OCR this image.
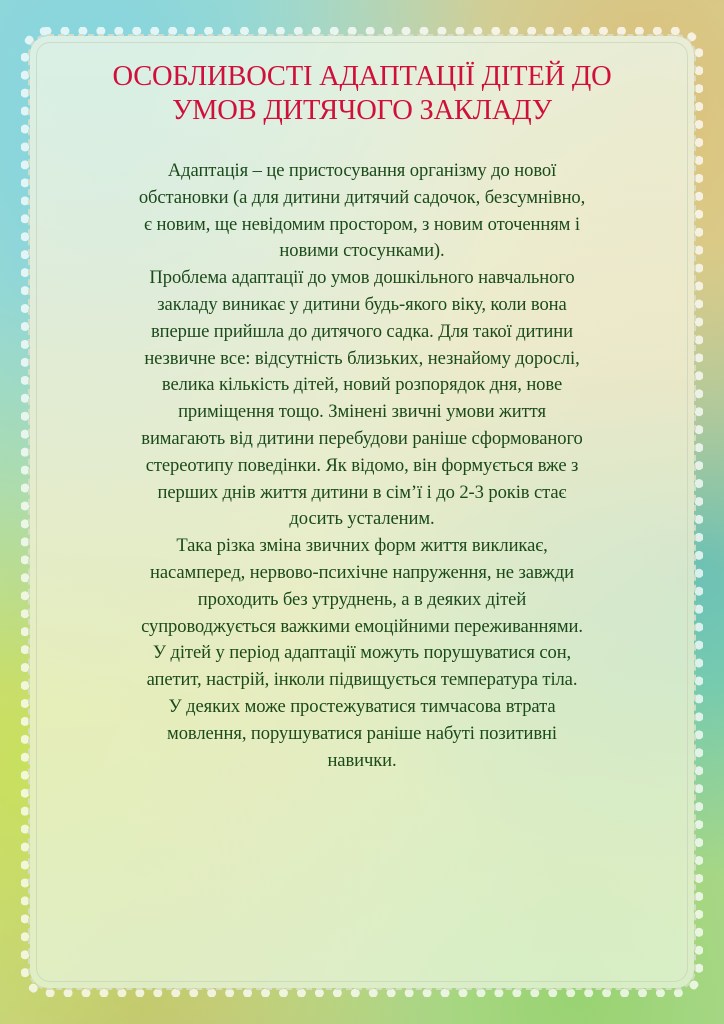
ОСОБЛИВОСТІ АДАПТАЦІЇ ДІТЕЙ ДО
УМОВ ДИТЯЧОГО ЗАКЛАДУ

Адаптація – це пристосування організму до нової
обстановки (а для дитини дитячий садочок, безсумнівно,
є новим, ще невідомим простором, з новим оточенням і
новими стосунками).

Проблема адаптації до умов дошкільного навчального
закладу виникає у дитини будь-якого віку, коли вона
вперше прийшла до дитячого садка. Для такої дитини
незвичне все: відсутність близьких, незнайому дорослі,
велика кількість дітей, новий розпорядок дня, нове
приміщення тощо. Змінені звичні умови життя
вимагають від дитини перебудови раніше сформованого
стереотипу поведінки. Як відомо, він формується вже з
перших днів життя дитини в сім’ї і до 2-3 років стає
досить усталеним.

Така різка зміна звичних форм життя викликає,
насамперед, нервово-психічне напруження, не завжди
проходить без утруднень, а в деяких дітей
супроводжується важкими емоційними переживаннями.
У дітей у період адаптації можуть порушуватися сон,
апетит, настрій, інколи підвищується температура тіла.
У деяких може простежуватися тимчасова втрата
мовлення, порушуватися раніше набуті позитивні
навички.
